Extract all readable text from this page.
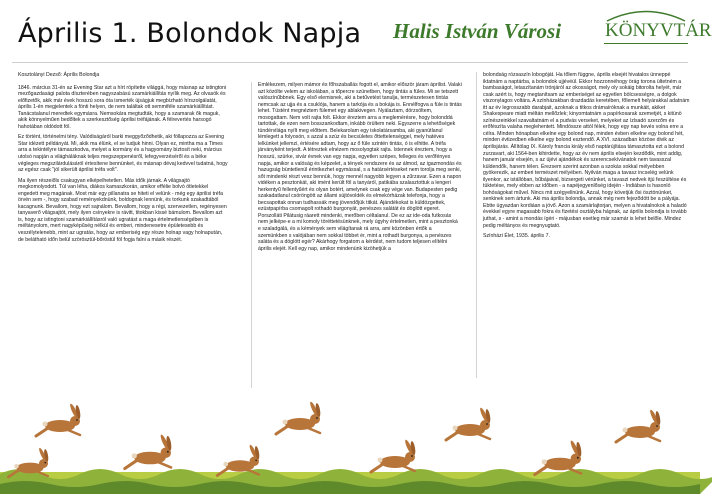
Április 1. Bolondok Napja Halis István Városi KÖNYVTÁR
Kosztolányi Dezső: Április Bolondja

1846. március 31-én az Evening Star azt a hírt röpítette világgá, hogy másnap az istingtoni mezőgazdasági palota díszterében nagyszabású szamárkiállítás nyílik meg. Az olvasók és előfizetők, akik már évek hosszú sora óta ismerték újságjuk megbízható hírszolgálatát, április 1-én megjelentek a fönti helyen, de nem találtak ott semmiféle szamárkiállítást. Tanácstalanul meredtek egymásra. Nemsokára megtudták, hogy a szamarak ők maguk, akik könnyelműen bedőltek a szerkesztőség áprilisi tréfájának. A félrevertés harsogó hahotában oldódott föl.

Ez történt, történelmi tény. Valódiságáról barki meggyőződhetik, aki föllapozza az Evening Star idézett példányát. Mi, akik ma élünk, el se tudjuk hinni. Olyan ez, mintha ma a Times arra a tekintélyre támaszkodva, melyet a kormány és a hagyomány biztosít neki, március utolsó napján a világháláknak teljes megszeppenésről, lefegyverzéséről és a béke végleges megszilárdulásáról értesítene bennünket, és másnap dévaj kedvvel tudatná, hogy az egész csak "jól sikerült áprilisi tréfa volt".

Ma ilyen részeiőls csakugyan elképelhetetlen. Más idők járnak. A világsajtó megkomolyodott. Túl van léha, diákos kamaszkorán, amikor effélie bolvó ötletekkel engedett meg magának. Most már egy pillanatra se hiteti el velünk - még egy áprilisi tréfa örvén sem -, hogy szabad reményekdnünk, boldognak lennünk, és torkunk szakadtából kacagnunk. Bevallom, hogy ezt sajnálom. Bevallom, hogy a régi, szervezetlen, regényesen tanyaverő világsajtót, mely ilyen csínyekre is rávitt, titokban kissé bámulom. Bevallom azt is, hogy az istingtoni szamárkiállításról való ugratást a maga értelmetlenségében is méltányolom, mert nagyképűség nélkül és emberi, mindenesetre épületesebb és veszélytelenebb, mint az ugratás, hogy az emberiség egy része holnap vagy holnapután, de belátható időn belül szörösztül-bőröstül föl fogja falni a másik részét.

Emlékezem, milyen mámor és főhszaballás fogott el, amikor először járam áprilist. Valaki azt közölte velem az iskolában, a tőpercre szünetben, hogy tintás a füles. Mi se tetszett valószínűbbnek. Egy első elemisnek, aki a betűvetést tanulja, természetesen tintás nemcsak az ujja és a csuklója, hanem a tarkója és a bokája is. Ennélfogva a füle is tintás lehet. Tüstént megnéztem fülemet egy ablakivegen. Nyálaztam, dörzsöltem, mosogattam. Nem volt rajta folt. Ekkor éreztem arra a meglemérésre, hogy bolonddá tartottak, de ezen nem bosszankodtam, inkább örültem neki. Egyszerre a lehetőségek tündérvilága nyílt meg előttem. Belekarolam egy iskolatársamba, aki gyanútlanul lémlegett a folyosón, s azzal a szúz és becsületes őttettelenséggel, mely hatéves lelkünket jellemzi, értésére adtam, hogy az ő füle szintén tintás, ó is elhitte. A tréfa járványként terjedt. A tétreztek elnézem mosolyogtak rajta. Istennek éreztem, hogy a hosszú, szürke, sivár évnek van egy napja, egyetlen szépes, felleges és verőfényes napja, amikor a valóság és képzelet, a tények rendszere és az álmod, az igazmondás és hazugság büntetlenül érintkezhet egymással, s a határsértéseket nem torolja meg senki, sőt mindenki részt vesz bennük, hogy mennél nagyobb legyen a zűrzavar. Ezen a napon vidéken a pesztonkát, aki imént került föl a tanyáról, patikába szalasztottuk a lengeri herkentyű fellentyűért és olyan botért, amelynek csak egy vége van. Budapesten pedig szakadatlanul csöröngött az állami sújtóvoldék és elmekórházak telefonja, hogy a becsapottak onnan tudhassák meg jövendőjük titkát. Ajándékokat is küldözgettek, ezüstpapírba csomagolt rothadó burgonyát, penészes salátát és döglött egeret. Porszolláti Pilátusig ráarett mindenki, merőben céltalanul. De ez az ide-oda futkosás nem jelképe-e a mi komoly töréttetésünknek, mely úgyhy értelmetlen, mint a pesztonká e szaladgálá, és a kémények sem világítanak rá arra, ami közönben értők a szemünkben s valójában nem sokkal többet ér, mint a rothadt burgonya, a penészes saláta és a döglött egér? Akárhogy forgatom a kérdést, nem tudom teljesen elítélni április elejét. Kell egy nap, amikor mindenünk kizöhetjük a

bolondság rózsaszín lobogóját. Ha tőlem függne, április elsejét hivatalos ünneppé iktatnám a naptárba, a bolondok ujjévéül. Ekkor hozzonnéhogy örág torona ültetném a bambaságot, letaszítanám trónjáról az okosságot, mely oly sokáig bitorolta helyét, már csak azért is, hogy megtanítsam az emberiséget az egyetlen bölcsességre, a dolgok viszonylagos voltára. A színházakban drazdadás keretében, főlemelt helyárakkal adatnám itt az év legrosszabb darabjait, azoknak a titkos drámaíróknak a munkáit, akiket Shakespeare miatt méltán mellőzlek; kinyomtatnám a papírkosarak szemetjét, s kitünö színészeinkkel szavaltatnám el a pudvás verseket, melyeket az ízlsadó szerzőm és erőfészíta valaha meglehentett. Mindössze attól félek, hogy egy nap kevés volna erre a célra. Minden hónapban elkelne egy bolond nap, minden évben elkelne egy bolond hét, minden évtizedben elkelne egy bolond esztendő. A XVI. században közöse divik az áprilisjárás. Állítólag IX. Károly francia király első naptárújítása támasztotta ezt a bolond zurzavart, aki 1564-ben kihirdette, hogy az év nem április elsején kezdődik, mint addig, hanem január elsején, s az újévi ajándékok és szerencsekívánatok nem tavasszal küldendők, hanem télen. Érezsem szerint azonban a szokás sokkal mélyebben gyökerezik, az emberi természet mélyében. Nyilván maga a tavasz incselég velünk ilyenkor, az istállóban, bűbájaival, bizsergeti vérünket, a tavaszi nedvek itjú feszültése és tüktetése, mely ebben az időben - a napéjegyenlőség idején - Indiában is hasonló bohóságokat művel. Nincs mit szégyellnünk. Azzal, hogy követjük ősi ösztönünket, senkinek sem ártunk. Aki ma április bolondja, annak még nem fejeződött be a pályája. Ebtte ügyazdan kordiáan a jövő. Azon a szamárlajtorjan, melyen a hivatalnokok a haladó évekkel egyre magasabb fokra és fizetési osztályba hágnak, az április bolondja is tovább juthat, s - amint a mondás ígéri - májusban esetleg már szamár is lehet belőle. Mindez pedig méltányos és megnyugtató.

Színházi Élet, 1935. április 7.
